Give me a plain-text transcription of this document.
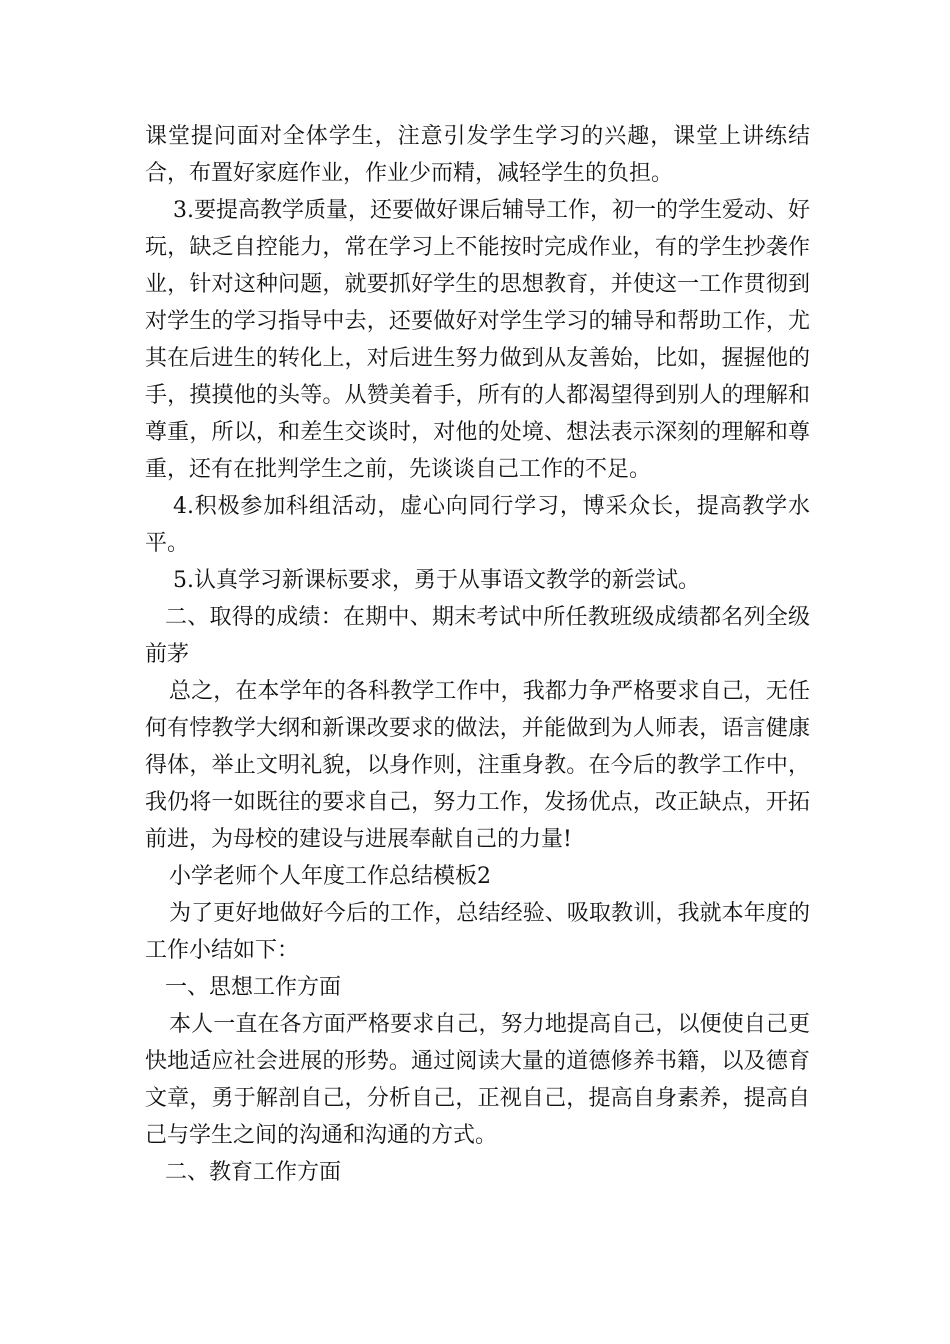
课堂提问面对全体学生，注意引发学生学习的兴趣，课堂上讲练结合，布置好家庭作业，作业少而精，减轻学生的负担。

3.要提高教学质量，还要做好课后辅导工作，初一的学生爱动、好玩，缺乏自控能力，常在学习上不能按时完成作业，有的学生抄袭作业，针对这种问题，就要抓好学生的思想教育，并使这一工作贯彻到对学生的学习指导中去，还要做好对学生学习的辅导和帮助工作，尤其在后进生的转化上，对后进生努力做到从友善始，比如，握握他的手，摸摸他的头等。从赞美着手，所有的人都渴望得到别人的理解和尊重，所以，和差生交谈时，对他的处境、想法表示深刻的理解和尊重，还有在批判学生之前，先谈谈自己工作的不足。

4.积极参加科组活动，虚心向同行学习，博采众长，提高教学水平。

5.认真学习新课标要求，勇于从事语文教学的新尝试。

二、取得的成绩：在期中、期末考试中所任教班级成绩都名列全级前茅

总之，在本学年的各科教学工作中，我都力争严格要求自己，无任何有悖教学大纲和新课改要求的做法，并能做到为人师表，语言健康得体，举止文明礼貌，以身作则，注重身教。在今后的教学工作中，我仍将一如既往的要求自己，努力工作，发扬优点，改正缺点，开拓前进，为母校的建设与进展奉献自己的力量!

小学老师个人年度工作总结模板2

为了更好地做好今后的工作，总结经验、吸取教训，我就本年度的工作小结如下：

一、思想工作方面

本人一直在各方面严格要求自己，努力地提高自己，以便使自己更快地适应社会进展的形势。通过阅读大量的道德修养书籍，以及德育文章，勇于解剖自己，分析自己，正视自己，提高自身素养，提高自己与学生之间的沟通和沟通的方式。

二、教育工作方面
